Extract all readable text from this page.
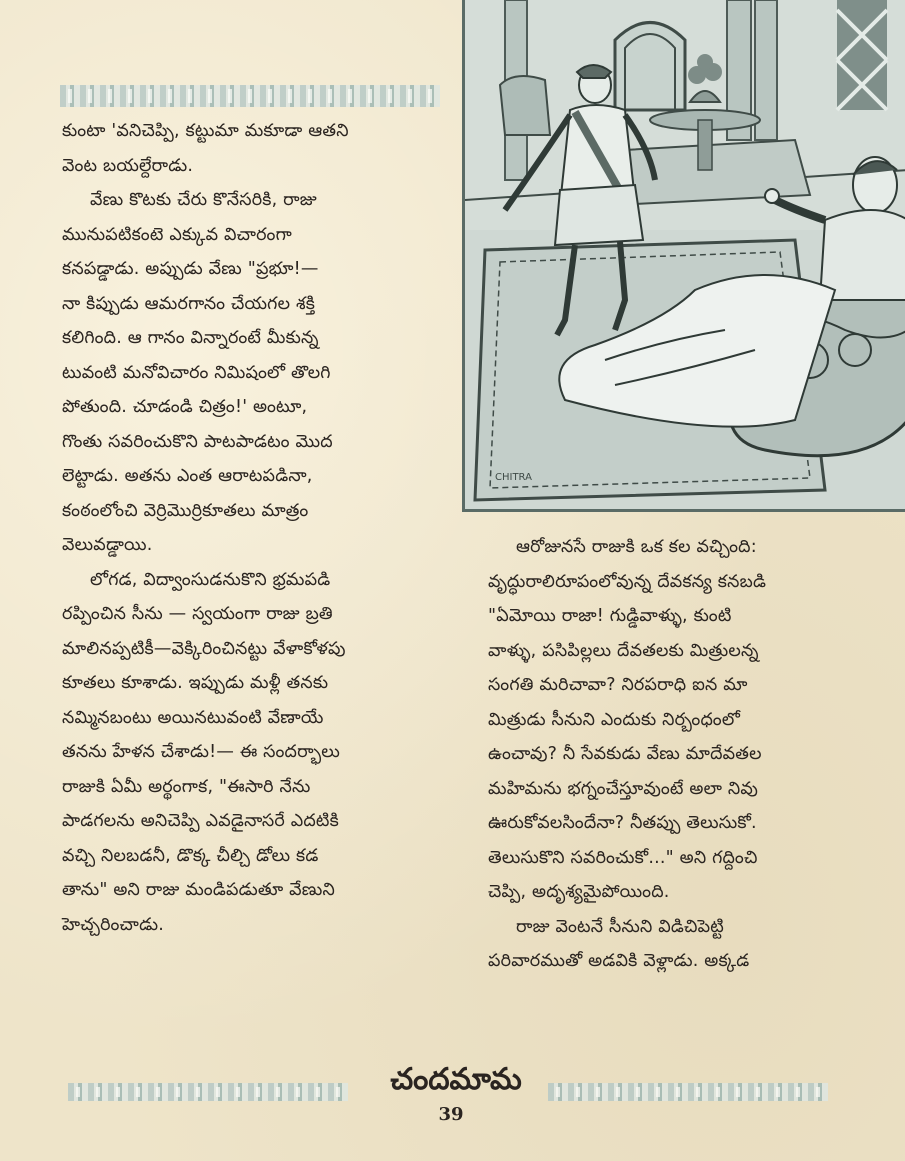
కుంటా 'వనిచెప్పి, కట్టుమా మకూడా ఆతని
వెంట బయల్దేరాడు.
వేణు కొటకు చేరు కొనేసరికి, రాజు
మునుపటికంటె ఎక్కువ విచారంగా
కనపడ్డాడు. అప్పుడు వేణు "ప్రభూ!—
నా కిప్పుడు ఆమరగానం చేయగల శక్తి
కలిగింది. ఆ గానం విన్నారంటే మీకున్న
టువంటి మనోవిచారం నిమిషంలో తొలగి
పోతుంది. చూడండి చిత్రం!' అంటూ,
గొంతు సవరించుకొని పాటపాడటం మొద
లెట్టాడు. అతను ఎంత ఆరాటపడినా,
కంఠంలోంచి వెర్రిమొర్రికూతలు మాత్రం
వెలువడ్డాయి.
లోగడ, విద్వాంసుడనుకొని భ్రమపడి
రప్పించిన సీను — స్వయంగా రాజు బ్రతి
మాలినప్పటికీ—వెక్కిరించినట్టు వేళాకోళపు
కూతలు కూశాడు. ఇప్పుడు మళ్లీ తనకు
నమ్మినబంటు అయినటువంటి వేణాయే
తనను హేళన చేశాడు!— ఈ సందర్భాలు
రాజుకి ఏమీ అర్థంగాక, "ఈసారి నేను
పాడగలను అనిచెప్పి ఎవడైనాసరే ఎదటికి
వచ్చి నిలబడనీ, డొక్క చీల్చి డోలు కడ
తాను" అని రాజు మండిపడుతూ వేణుని
హెచ్చరించాడు.
CHITRA
ఆరోజునసే రాజుకి ఒక కల వచ్చింది:
వృద్ధురాలిరూపంలోవున్న దేవకన్య కనబడి
"ఏమోయి రాజా! గుడ్డివాళ్ళు, కుంటి
వాళ్ళు, పసిపిల్లలు దేవతలకు మిత్రులన్న
సంగతి మరిచావా? నిరపరాధి ఐన మా
మిత్రుడు సీనుని ఎందుకు నిర్బంధంలో
ఉంచావు? నీ సేవకుడు వేణు మాదేవతల
మహిమను భగ్నంచేస్తూవుంటే అలా నివు
ఊరుకోవలసిందేనా? నీతప్పు తెలుసుకో.
తెలుసుకొని సవరించుకో..." అని గద్దించి
చెప్పి, అదృశ్యమైపోయింది.
రాజు వెంటనే సీనుని విడిచిపెట్టి
పరివారముతో అడవికి వెళ్లాడు. అక్కడ
చందమామ
39
